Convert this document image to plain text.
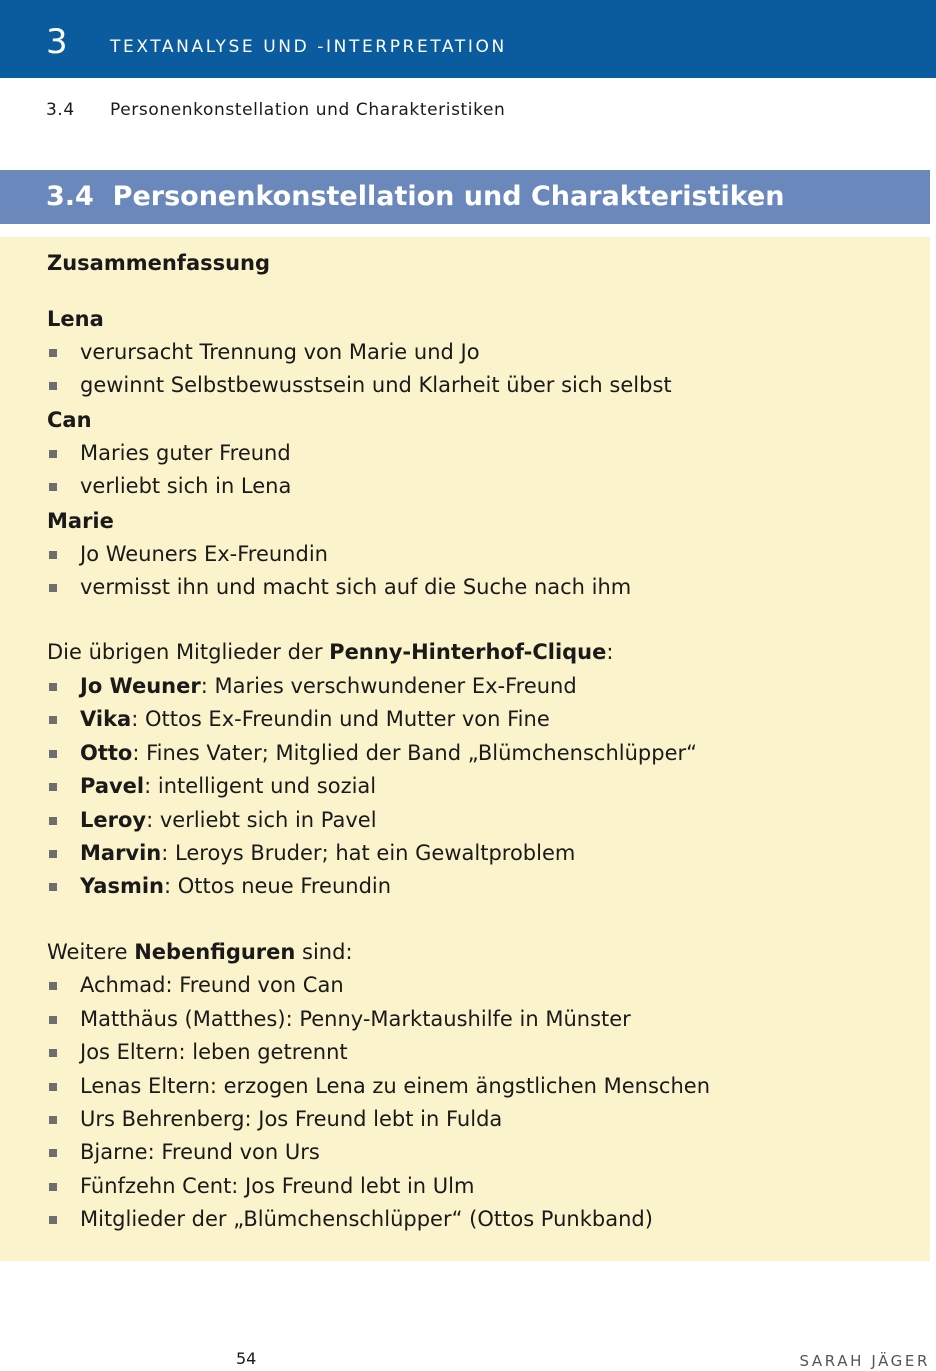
3 TEXTANALYSE UND -INTERPRETATION
3.4 Personenkonstellation und Charakteristiken
3.4 Personenkonstellation und Charakteristiken
Zusammenfassung
Lena
verursacht Trennung von Marie und Jo
gewinnt Selbstbewusstsein und Klarheit über sich selbst
Can
Maries guter Freund
verliebt sich in Lena
Marie
Jo Weuners Ex-Freundin
vermisst ihn und macht sich auf die Suche nach ihm
Die übrigen Mitglieder der Penny-Hinterhof-Clique:
Jo Weuner: Maries verschwundener Ex-Freund
Vika: Ottos Ex-Freundin und Mutter von Fine
Otto: Fines Vater; Mitglied der Band „Blümchenschlüpper“
Pavel: intelligent und sozial
Leroy: verliebt sich in Pavel
Marvin: Leroys Bruder; hat ein Gewaltproblem
Yasmin: Ottos neue Freundin
Weitere Nebenfiguren sind:
Achmad: Freund von Can
Matthäus (Matthes): Penny-Marktaushilfe in Münster
Jos Eltern: leben getrennt
Lenas Eltern: erzogen Lena zu einem ängstlichen Menschen
Urs Behrenberg: Jos Freund lebt in Fulda
Bjarne: Freund von Urs
Fünfzehn Cent: Jos Freund lebt in Ulm
Mitglieder der „Blümchenschlüpper“ (Ottos Punkband)
54	SARAH JÄGER
